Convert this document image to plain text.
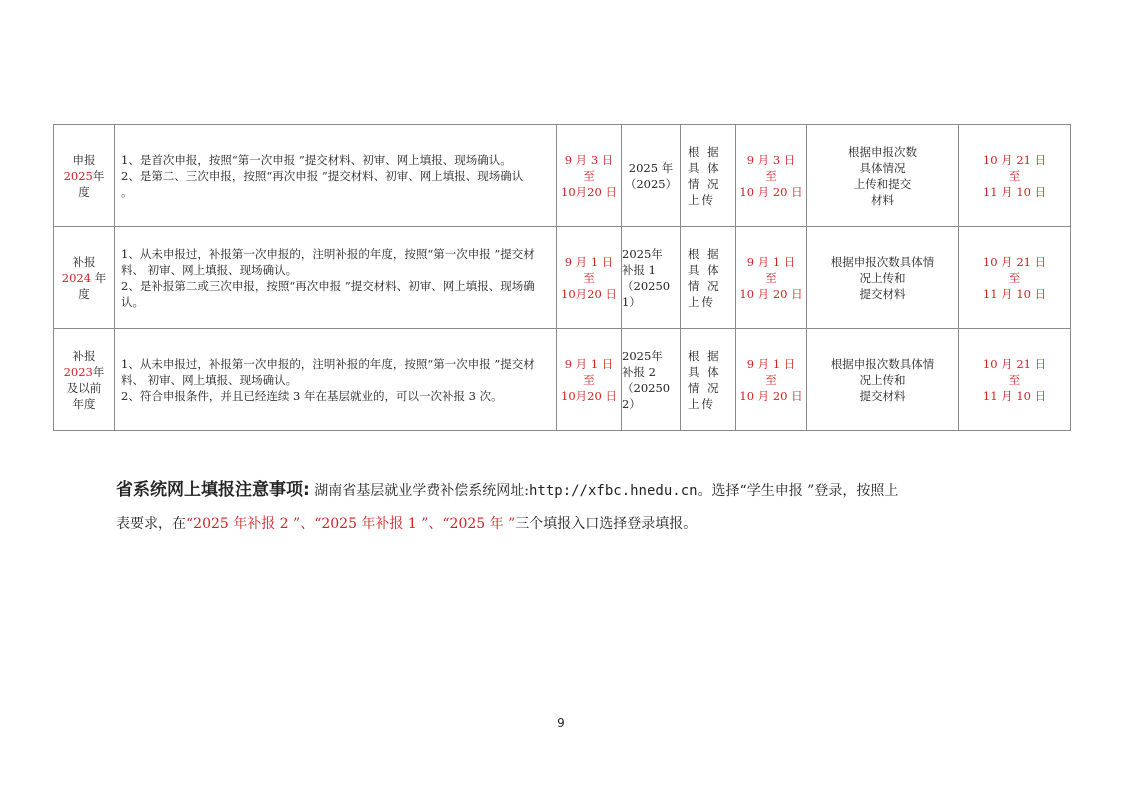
申报
2025年
度	1、是首次申报，按照“第一次申报 ”提交材料、初审、网上填报、现场确认。
2、是第二、三次申报，按照“再次申报 ”提交材料、初审、网上填报、现场确认
。	9 月 3 日
至
10月20 日	2025 年
（2025）	根 据
具 体
情 况
上传	9 月 3 日
至
10 月 20 日	根据申报次数
具体情况
上传和提交
材料	10 月 21 日
至
11 月 10 日

补报
2024 年
度	1、从未申报过，补报第一次申报的，注明补报的年度，按照“第一次申报 ”提交材
料、 初审、网上填报、现场确认。
2、是补报第二或三次申报，按照“再次申报 ”提交材料、初审、网上填报、现场确
认。	9 月 1 日
至
10月20 日	2025年
补报 1
（20250
1）	根 据
具 体
情 况
上传	9 月 1 日
至
10 月 20 日	根据申报次数具体情
况上传和
提交材料	10 月 21 日
至
11 月 10 日

补报
2023年
及以前
年度	1、从未申报过，补报第一次申报的，注明补报的年度，按照“第一次申报 ”提交材
料、 初审、网上填报、现场确认。
2、符合申报条件，并且已经连续 3 年在基层就业的，可以一次补报 3 次。	9 月 1 日
至
10月20 日	2025年
补报 2
（20250
2）	根 据
具 体
情 况
上传	9 月 1 日
至
10 月 20 日	根据申报次数具体情
况上传和
提交材料	10 月 21 日
至
11 月 10 日
省系统网上填报注意事项: 湖南省基层就业学费补偿系统网址:http://xfbc.hnedu.cn。选择“学生申报 ”登录，按照上
表要求，在“2025 年补报 2 ”、“2025 年补报 1 ”、“2025 年 ”三个填报入口选择登录填报。
9
